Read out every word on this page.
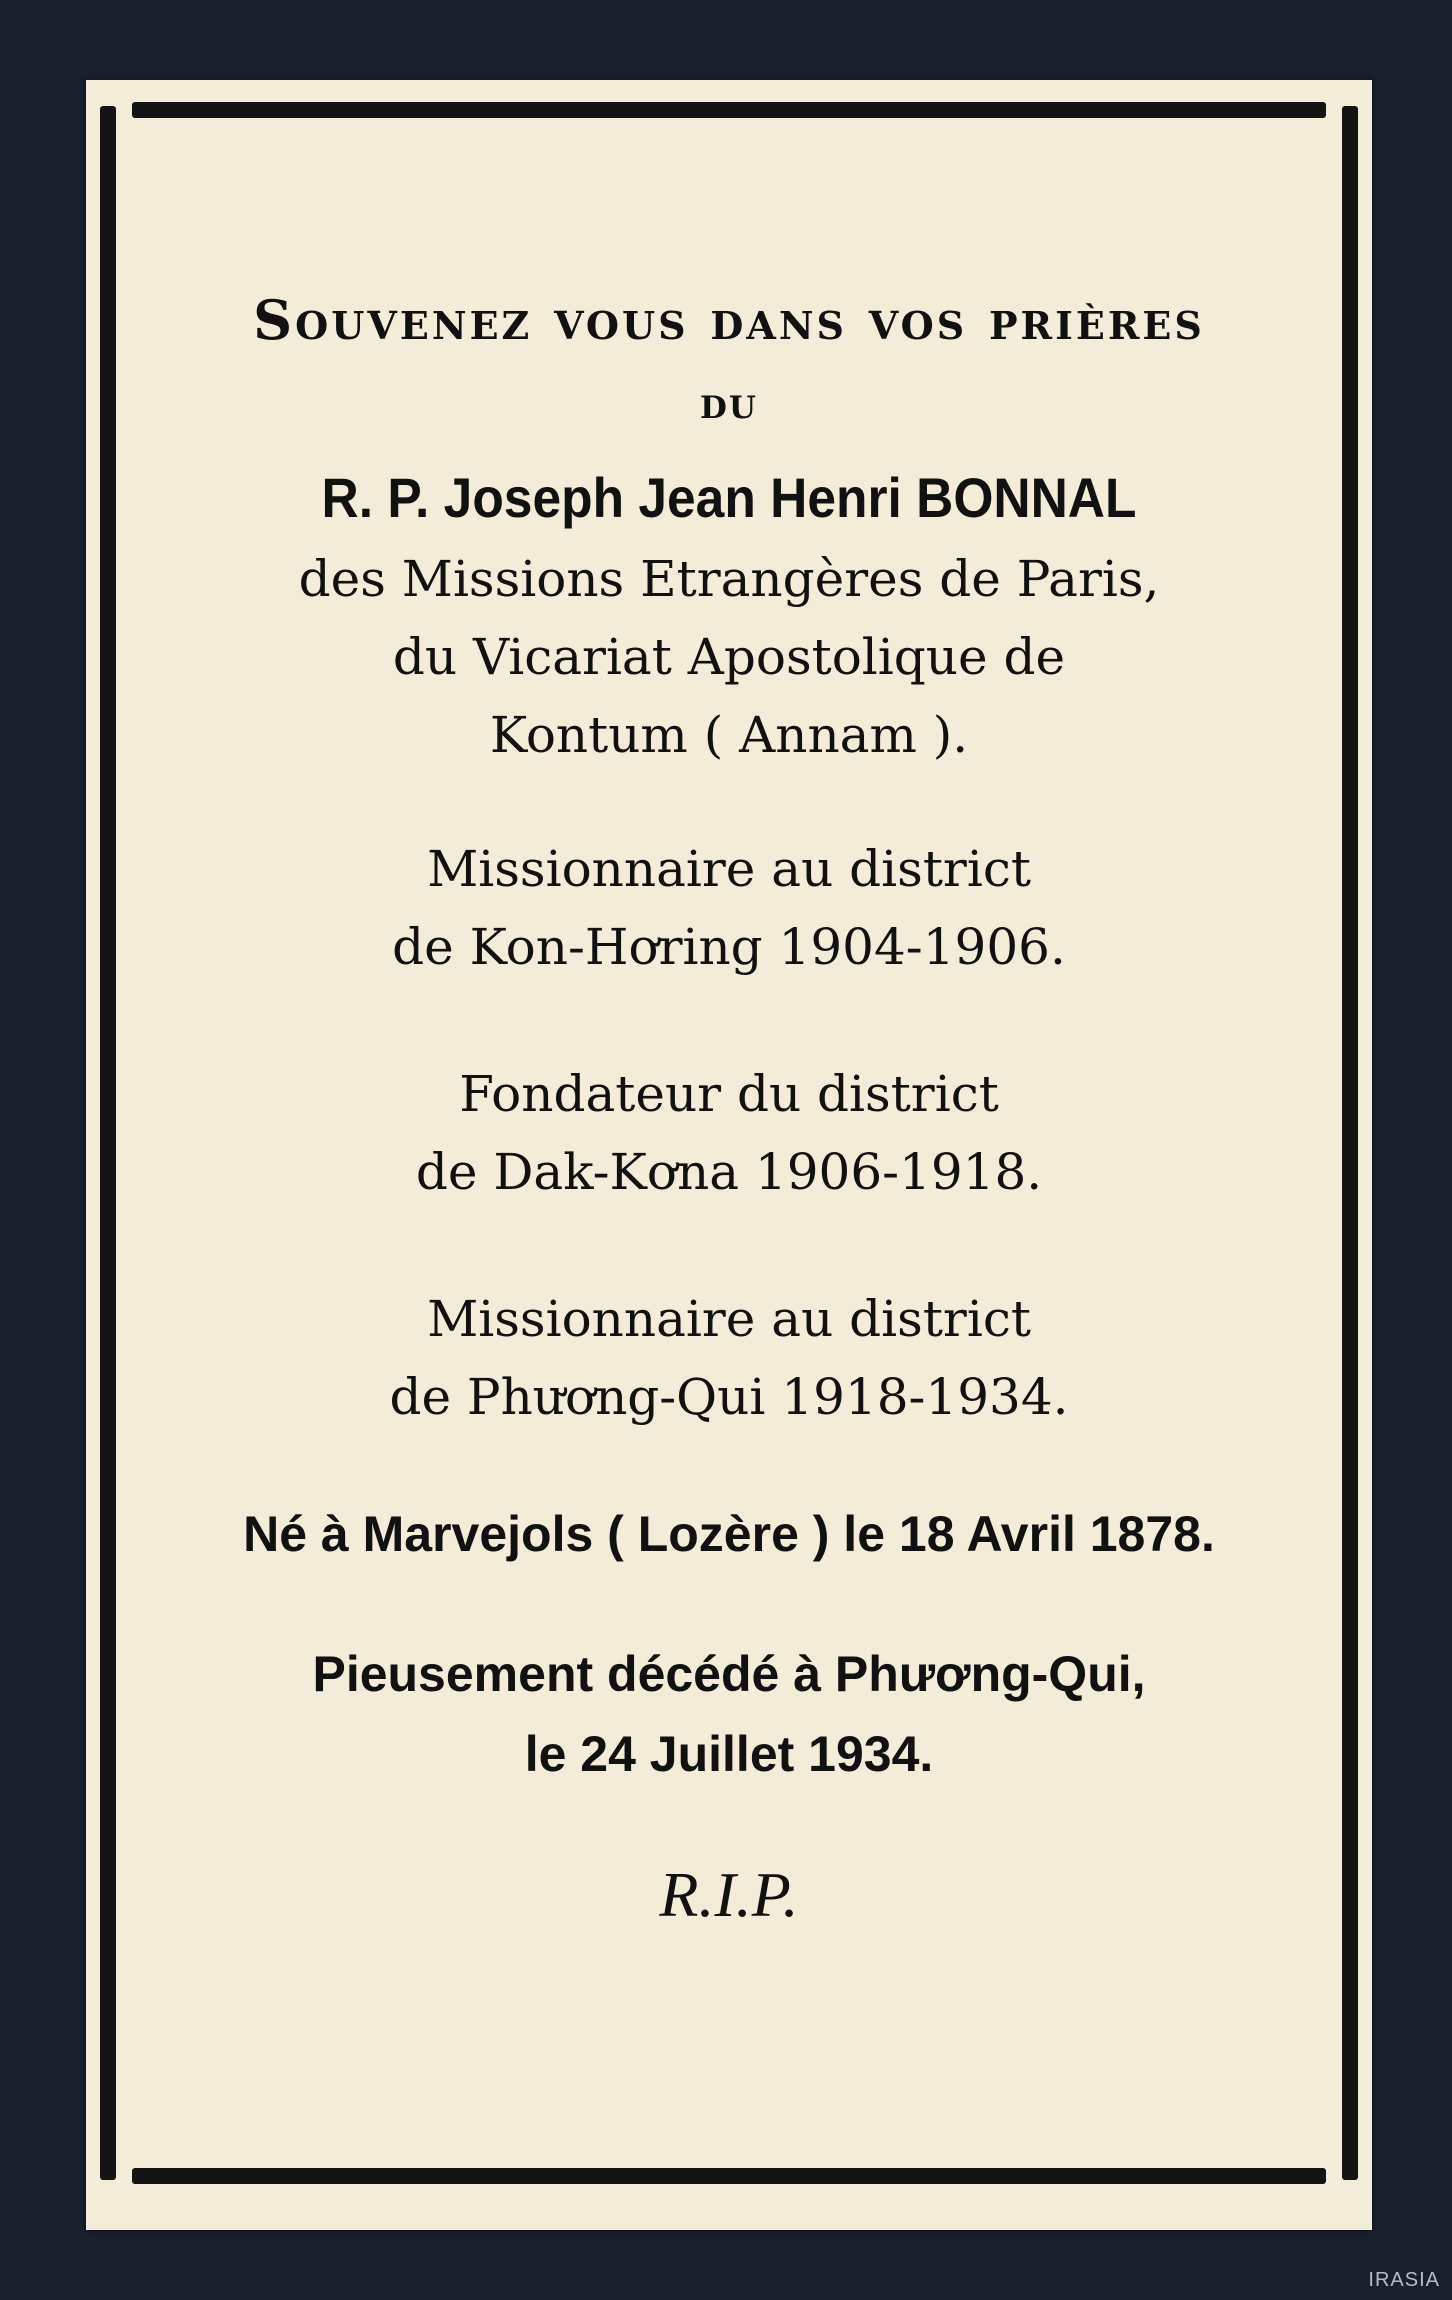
Souvenez vous dans vos prières
du
R. P. Joseph Jean Henri BONNAL
des Missions Etrangères de Paris,
du Vicariat Apostolique de
Kontum ( Annam ).
Missionnaire au district
de Kon-Hơring 1904-1906.
Fondateur du district
de Dak-Kơna 1906-1918.
Missionnaire au district
de Phương-Qui 1918-1934.
Né à Marvejols ( Lozère ) le 18 Avril 1878.
Pieusement décédé à Phương-Qui,
le 24 Juillet 1934.
R.I.P.
IRASIA
